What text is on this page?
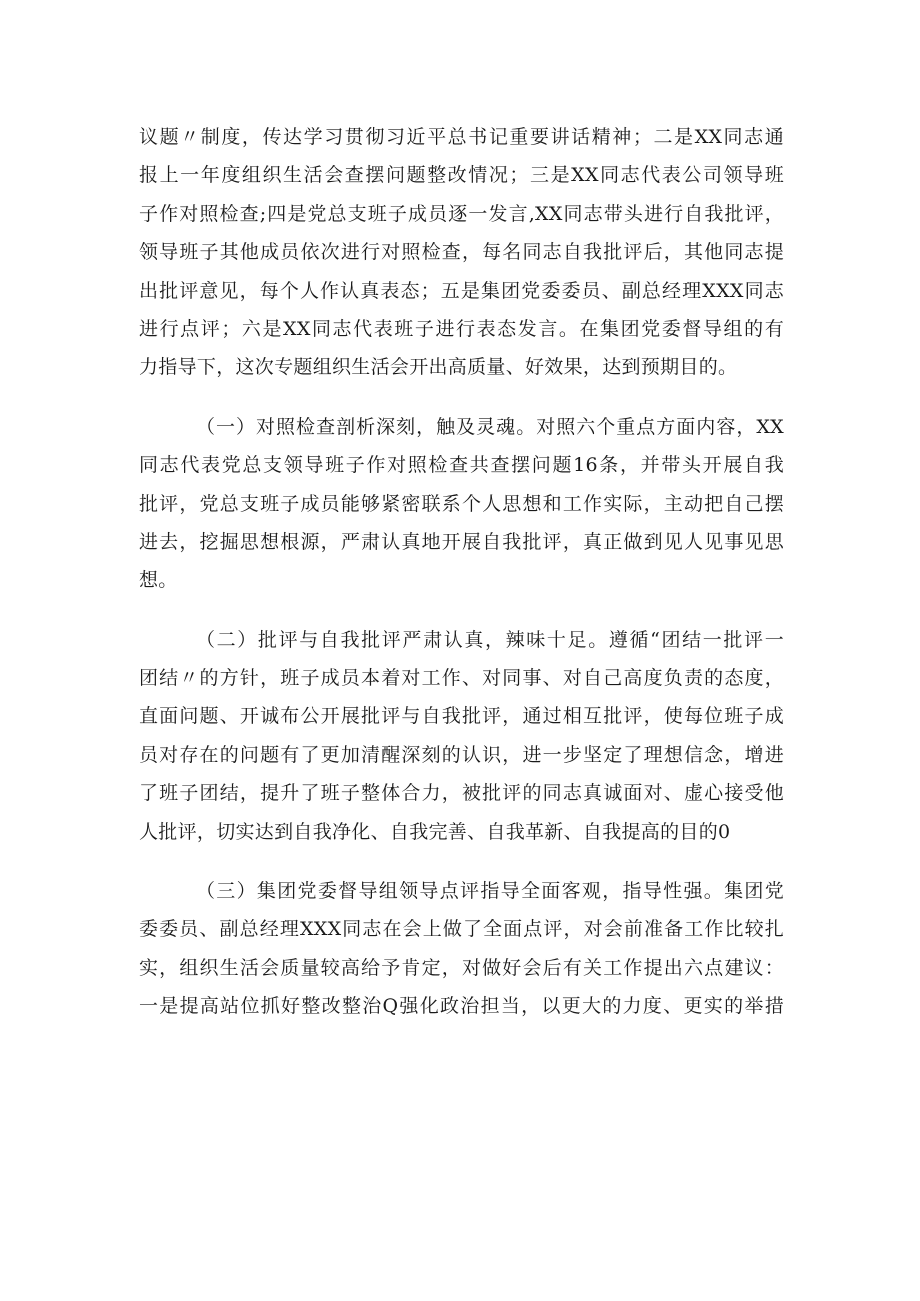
议题〃制度，传达学习贯彻习近平总书记重要讲话精神；二是XX同志通
报上一年度组织生活会查摆问题整改情况；三是XX同志代表公司领导班
子作对照检查;四是党总支班子成员逐一发言,XX同志带头进行自我批评，
领导班子其他成员依次进行对照检查，每名同志自我批评后，其他同志提
出批评意见，每个人作认真表态；五是集团党委委员、副总经理XXX同志
进行点评；六是XX同志代表班子进行表态发言。在集团党委督导组的有
力指导下，这次专题组织生活会开出高质量、好效果，达到预期目的。
（一）对照检查剖析深刻，触及灵魂。对照六个重点方面内容，XX
同志代表党总支领导班子作对照检查共查摆问题16条，并带头开展自我
批评，党总支班子成员能够紧密联系个人思想和工作实际，主动把自己摆
进去，挖掘思想根源，严肃认真地开展自我批评，真正做到见人见事见思
想。
（二）批评与自我批评严肃认真，辣味十足。遵循“团结一批评一
团结〃的方针，班子成员本着对工作、对同事、对自己高度负责的态度，
直面问题、开诚布公开展批评与自我批评，通过相互批评，使每位班子成
员对存在的问题有了更加清醒深刻的认识，进一步坚定了理想信念，增进
了班子团结，提升了班子整体合力，被批评的同志真诚面对、虚心接受他
人批评，切实达到自我净化、自我完善、自我革新、自我提高的目的0
（三）集团党委督导组领导点评指导全面客观，指导性强。集团党
委委员、副总经理XXX同志在会上做了全面点评，对会前准备工作比较扎
实，组织生活会质量较高给予肯定，对做好会后有关工作提出六点建议：
一是提高站位抓好整改整治Q强化政治担当，以更大的力度、更实的举措
